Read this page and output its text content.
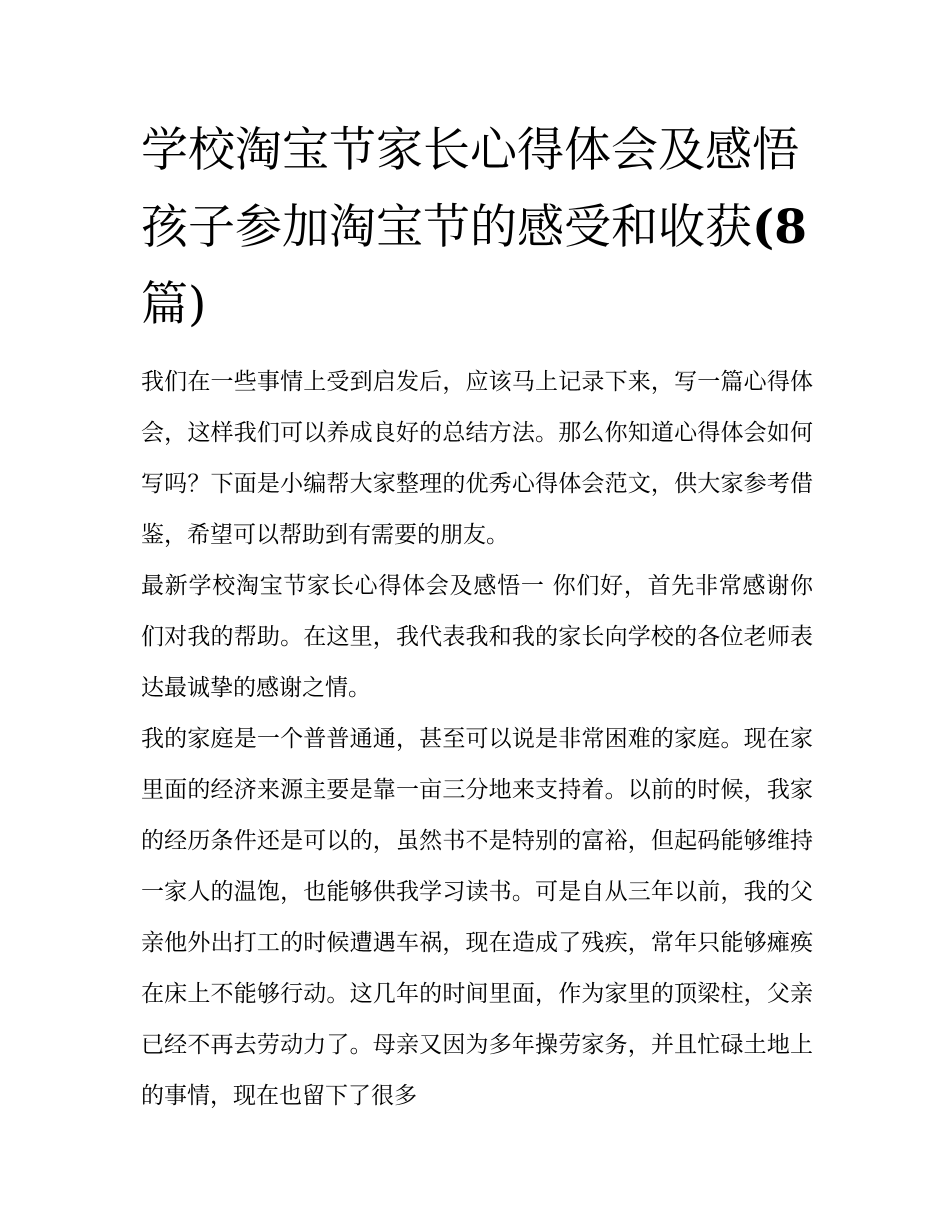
学校淘宝节家长心得体会及感悟 孩子参加淘宝节的感受和收获(8 篇)

我们在一些事情上受到启发后，应该马上记录下来，写一篇心得体会，这样我们可以养成良好的总结方法。那么你知道心得体会如何写吗？下面是小编帮大家整理的优秀心得体会范文，供大家参考借鉴，希望可以帮助到有需要的朋友。

最新学校淘宝节家长心得体会及感悟一 你们好，首先非常感谢你们对我的帮助。在这里，我代表我和我的家长向学校的各位老师表达最诚挚的感谢之情。

我的家庭是一个普普通通，甚至可以说是非常困难的家庭。现在家里面的经济来源主要是靠一亩三分地来支持着。以前的时候，我家的经历条件还是可以的，虽然书不是特别的富裕，但起码能够维持一家人的温饱，也能够供我学习读书。可是自从三年以前，我的父亲他外出打工的时候遭遇车祸，现在造成了残疾，常年只能够瘫痪在床上不能够行动。这几年的时间里面，作为家里的顶梁柱，父亲已经不再去劳动力了。母亲又因为多年操劳家务，并且忙碌土地上的事情，现在也留下了很多
